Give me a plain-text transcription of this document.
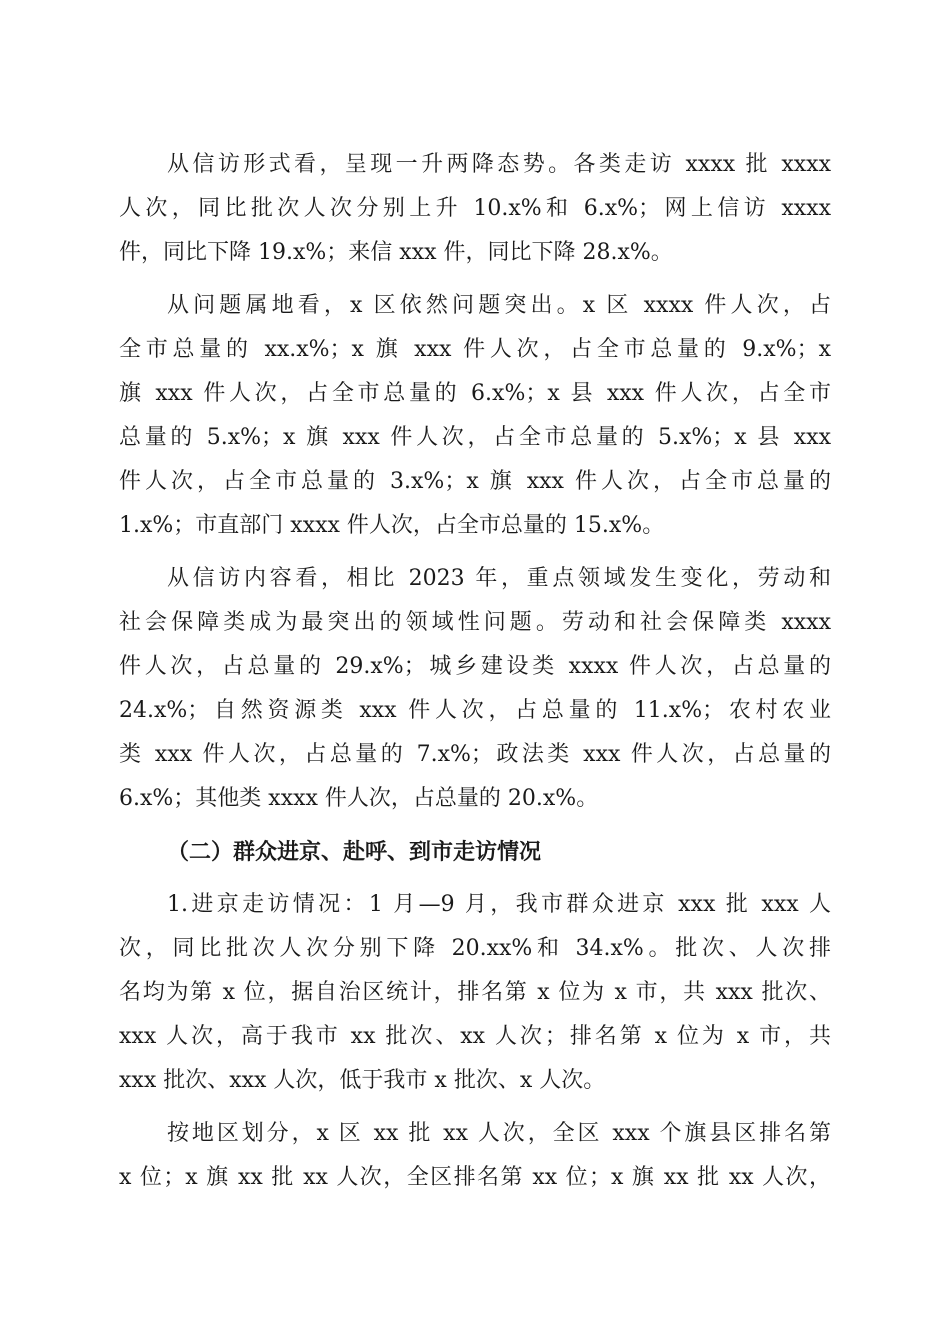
从信访形式看，呈现一升两降态势。各类走访 xxxx 批 xxxx
人次，同比批次人次分别上升 10.x%和 6.x%；网上信访 xxxx
件，同比下降 19.x%；来信 xxx 件，同比下降 28.x%。
从问题属地看，x 区依然问题突出。x 区 xxxx 件人次，占
全市总量的 xx.x%；x 旗 xxx 件人次，占全市总量的 9.x%；x
旗 xxx 件人次，占全市总量的 6.x%；x 县 xxx 件人次，占全市
总量的 5.x%；x 旗 xxx 件人次，占全市总量的 5.x%；x 县 xxx
件人次，占全市总量的 3.x%；x 旗 xxx 件人次，占全市总量的
1.x%；市直部门 xxxx 件人次，占全市总量的 15.x%。
从信访内容看，相比 2023 年，重点领域发生变化，劳动和
社会保障类成为最突出的领域性问题。劳动和社会保障类 xxxx
件人次，占总量的 29.x%；城乡建设类 xxxx 件人次，占总量的
24.x%；自然资源类 xxx 件人次，占总量的 11.x%；农村农业
类 xxx 件人次，占总量的 7.x%；政法类 xxx 件人次，占总量的
6.x%；其他类 xxxx 件人次，占总量的 20.x%。
（二）群众进京、赴呼、到市走访情况
1.进京走访情况：1 月—9 月，我市群众进京 xxx 批 xxx 人
次，同比批次人次分别下降 20.xx%和 34.x%。批次、人次排
名均为第 x 位，据自治区统计，排名第 x 位为 x 市，共 xxx 批次、
xxx 人次，高于我市 xx 批次、xx 人次；排名第 x 位为 x 市，共
xxx 批次、xxx 人次，低于我市 x 批次、x 人次。
按地区划分，x 区 xx 批 xx 人次，全区 xxx 个旗县区排名第
x 位；x 旗 xx 批 xx 人次，全区排名第 xx 位；x 旗 xx 批 xx 人次，
